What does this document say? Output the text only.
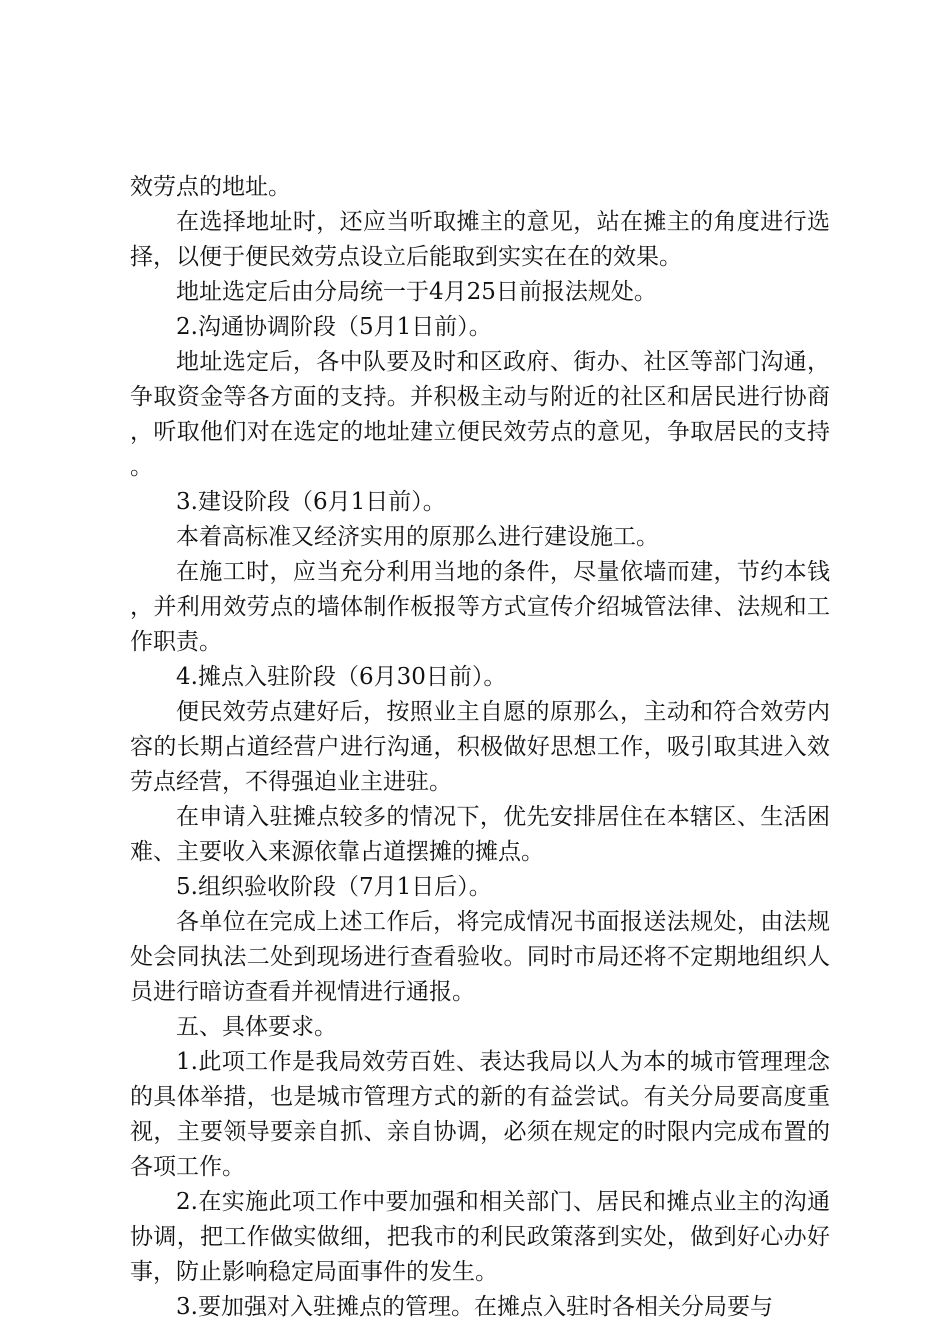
效劳点的地址。

在选择地址时，还应当听取摊主的意见，站在摊主的角度进行选择，以便于便民效劳点设立后能取到实实在在的效果。

地址选定后由分局统一于4月25日前报法规处。

2.沟通协调阶段（5月1日前）。

地址选定后，各中队要及时和区政府、街办、社区等部门沟通，争取资金等各方面的支持。并积极主动与附近的社区和居民进行协商，听取他们对在选定的地址建立便民效劳点的意见，争取居民的支持。

3.建设阶段（6月1日前）。

本着高标准又经济实用的原那么进行建设施工。

在施工时，应当充分利用当地的条件，尽量依墙而建，节约本钱，并利用效劳点的墙体制作板报等方式宣传介绍城管法律、法规和工作职责。

4.摊点入驻阶段（6月30日前）。

便民效劳点建好后，按照业主自愿的原那么，主动和符合效劳内容的长期占道经营户进行沟通，积极做好思想工作，吸引取其进入效劳点经营，不得强迫业主进驻。

在申请入驻摊点较多的情况下，优先安排居住在本辖区、生活困难、主要收入来源依靠占道摆摊的摊点。

5.组织验收阶段（7月1日后）。

各单位在完成上述工作后，将完成情况书面报送法规处，由法规处会同执法二处到现场进行查看验收。同时市局还将不定期地组织人员进行暗访查看并视情进行通报。

五、具体要求。

1.此项工作是我局效劳百姓、表达我局以人为本的城市管理理念的具体举措，也是城市管理方式的新的有益尝试。有关分局要高度重视，主要领导要亲自抓、亲自协调，必须在规定的时限内完成布置的各项工作。

2.在实施此项工作中要加强和相关部门、居民和摊点业主的沟通协调，把工作做实做细，把我市的利民政策落到实处，做到好心办好事，防止影响稳定局面事件的发生。

3.要加强对入驻摊点的管理。在摊点入驻时各相关分局要与
